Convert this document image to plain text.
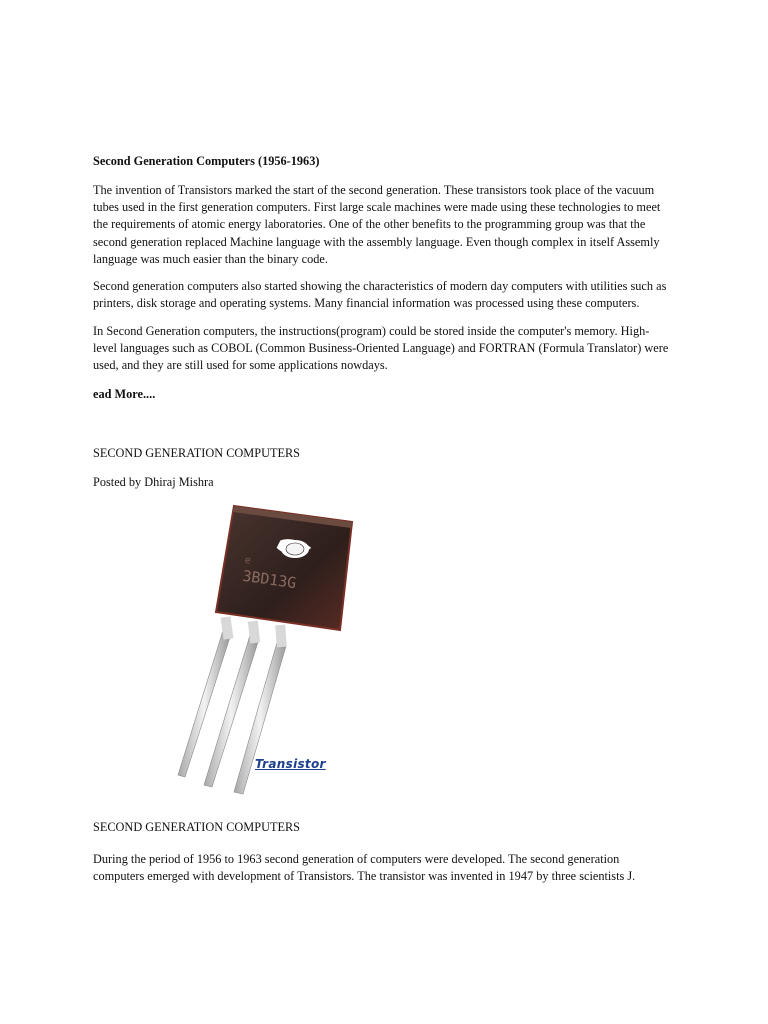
Second Generation Computers (1956-1963)

The invention of Transistors marked the start of the second generation. These transistors took place of the vacuum tubes used in the first generation computers. First large scale machines were made using these technologies to meet the requirements of atomic energy laboratories. One of the other benefits to the programming group was that the second generation replaced Machine language with the assembly language. Even though complex in itself Assemly language was much easier than the binary code.

Second generation computers also started showing the characteristics of modern day computers with utilities such as printers, disk storage and operating systems. Many financial information was processed using these computers.

In Second Generation computers, the instructions(program) could be stored inside the computer's memory. High-level languages such as COBOL (Common Business-Oriented Language) and FORTRAN (Formula Translator) were used, and they are still used for some applications nowdays.

ead More....

SECOND GENERATION COMPUTERS

Posted by Dhiraj Mishra

3BD13G
e
Transistor

SECOND GENERATION COMPUTERS

During the period of 1956 to 1963 second generation of computers were developed. The second generation computers emerged with development of Transistors. The transistor was invented in 1947 by three scientists J.
